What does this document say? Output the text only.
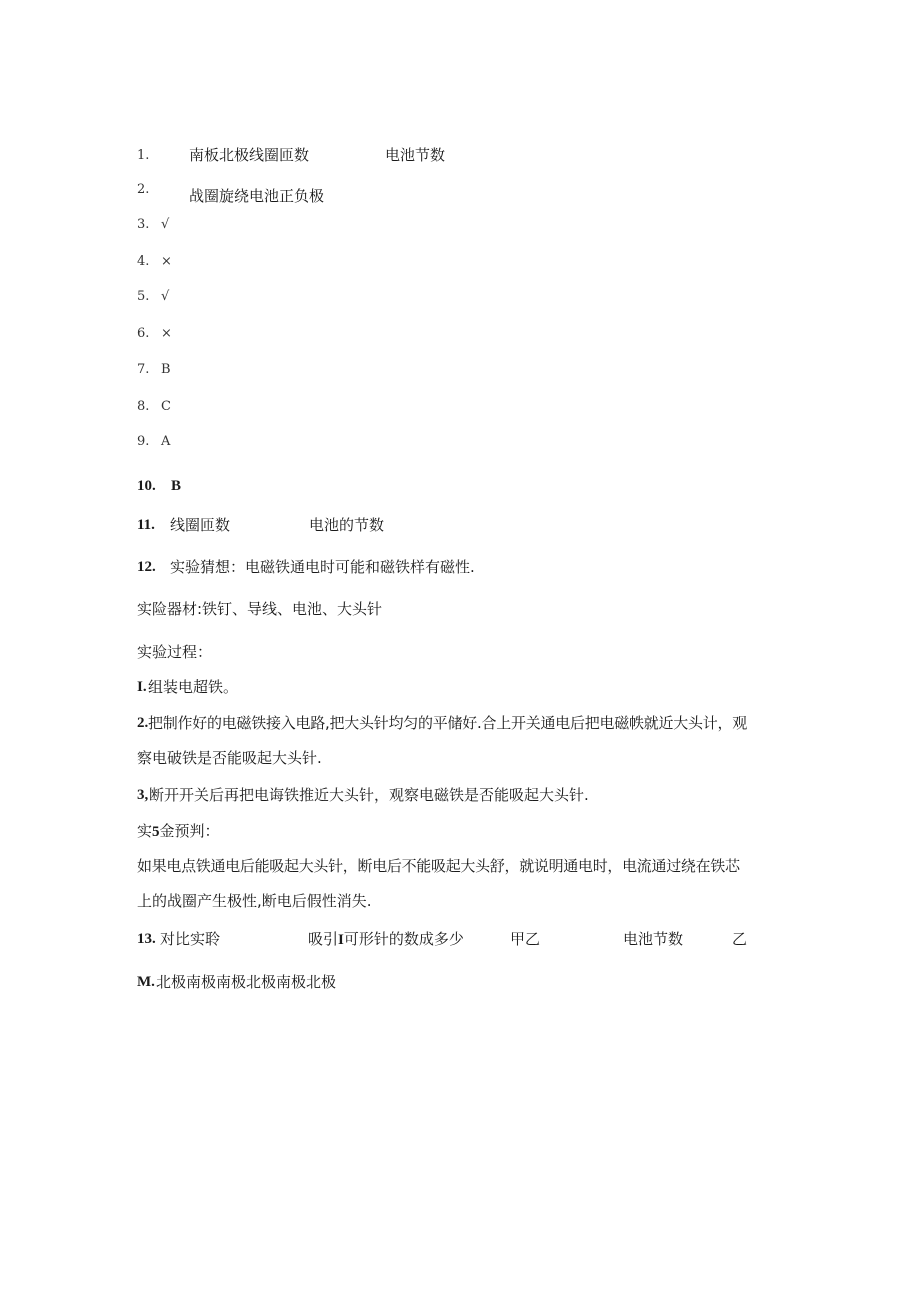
1.	南板北极线圈匝数	电池节数
2.	战圈旋绕电池正负极
3. √
4. ×
5. √
6. ×
7. B
8. C
9. A
10. B
11. 线圈匝数	电池的节数
12. 实验猜想：电磁铁通电时可能和磁铁样有磁性.
实险器材:铁钉、导线、电池、大头针
实验过程：
I. 组装电超铁。
2. 把制作好的电磁铁接入电路,把大头针均匀的平储好.合上开关通电后把电磁帙就近大头计，观
察电破铁是否能吸起大头针.
3, 断开开关后再把电诲铁推近大头针，观察电磁铁是否能吸起大头针.
实5金预判：
如果电点铁通电后能吸起大头针，断电后不能吸起大头舒，就说明通电时，电流通过绕在铁芯
上的战圈产生极性,断电后假性消失.
13. 对比实聆	吸引I可形针的数成多少	甲乙	电池节数	乙
M. 北极南极南极北极南极北极
